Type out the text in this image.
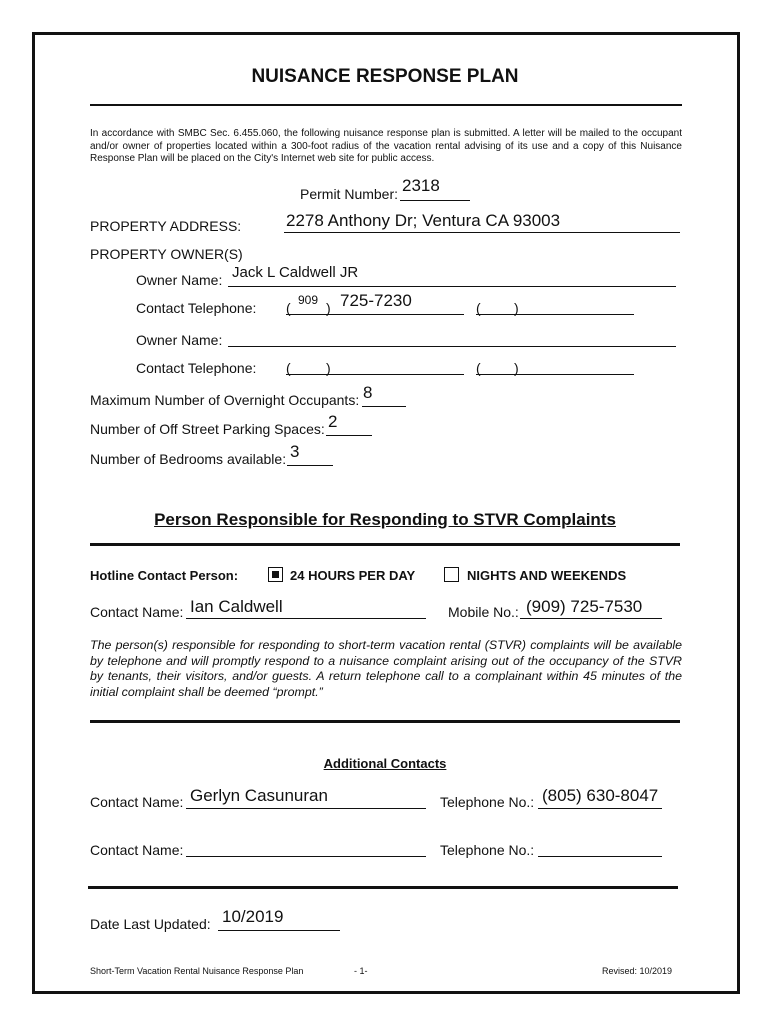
NUISANCE RESPONSE PLAN
In accordance with SMBC Sec. 6.455.060, the following nuisance response plan is submitted. A letter will be mailed to the occupant and/or owner of properties located within a 300-foot radius of the vacation rental advising of its use and a copy of this Nuisance Response Plan will be placed on the City's Internet web site for public access.
Permit Number: 2318
PROPERTY ADDRESS:	2278 Anthony Dr; Ventura CA 93003
PROPERTY OWNER(S)
Owner Name: Jack L Caldwell JR
Contact Telephone: ( 909 ) 725-7230	( )
Owner Name:
Contact Telephone: (	)	( )
Maximum Number of Overnight Occupants: 8
Number of Off Street Parking Spaces: 2
Number of Bedrooms available: 3
Person Responsible for Responding to STVR Complaints
Hotline Contact Person:	24 HOURS PER DAY	NIGHTS AND WEEKENDS
Contact Name: Ian Caldwell	Mobile No.: (909) 725-7530
The person(s) responsible for responding to short-term vacation rental (STVR) complaints will be available by telephone and will promptly respond to a nuisance complaint arising out of the occupancy of the STVR by tenants, their visitors, and/or guests. A return telephone call to a complainant within 45 minutes of the initial complaint shall be deemed “prompt.”
Additional Contacts
Contact Name: Gerlyn Casunuran	Telephone No.: (805) 630-8047
Contact Name:	Telephone No.:
Date Last Updated: 10/2019
Short-Term Vacation Rental Nuisance Response Plan	- 1-	Revised: 10/2019
